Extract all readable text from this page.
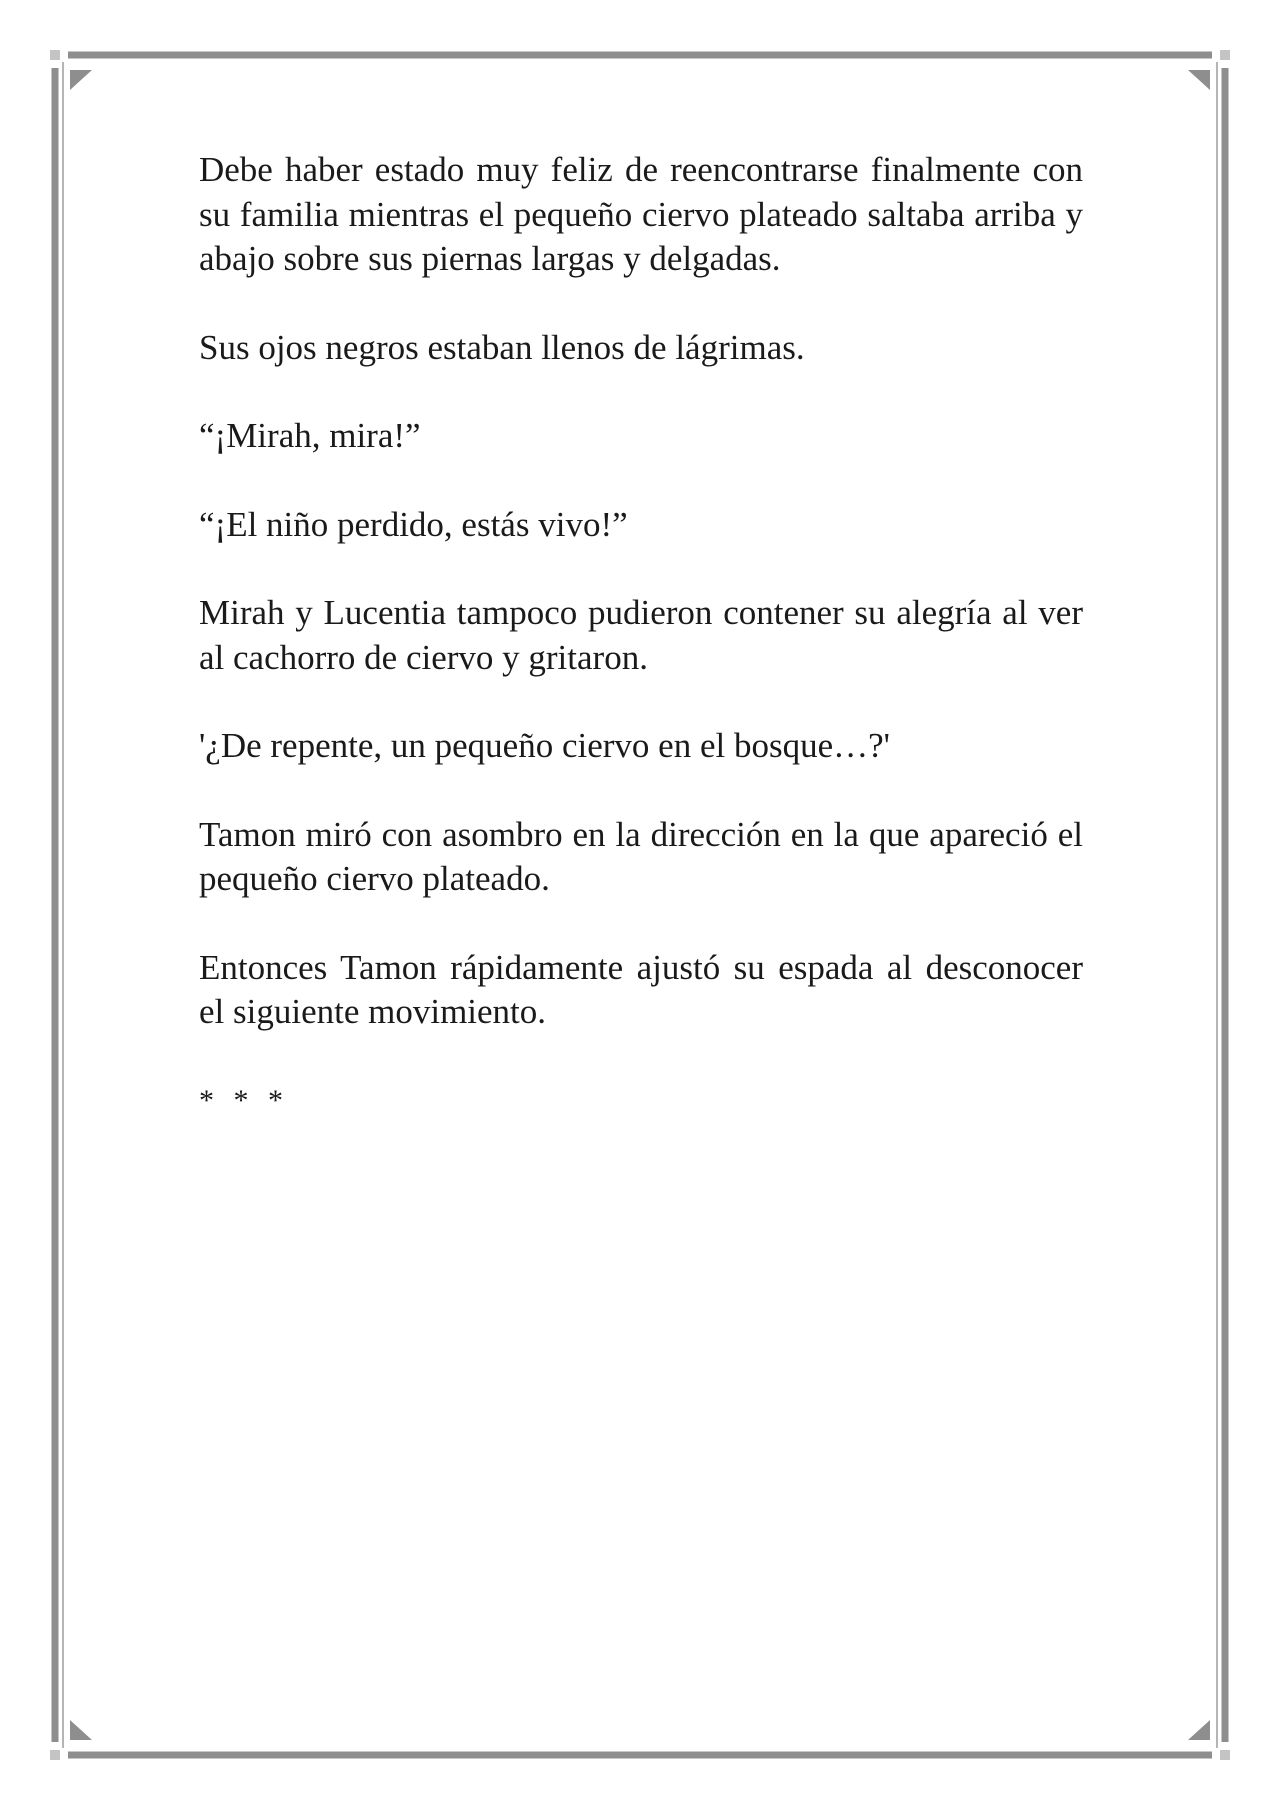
Debe haber estado muy feliz de reencontrarse finalmente con su familia mientras el pequeño ciervo plateado saltaba arriba y abajo sobre sus piernas largas y delgadas.

Sus ojos negros estaban llenos de lágrimas.

“¡Mirah, mira!”

“¡El niño perdido, estás vivo!”

Mirah y Lucentia tampoco pudieron contener su alegría al ver al cachorro de ciervo y gritaron.

'¿De repente, un pequeño ciervo en el bosque…?'

Tamon miró con asombro en la dirección en la que apareció el pequeño ciervo plateado.

Entonces Tamon rápidamente ajustó su espada al desconocer el siguiente movimiento.

* * *
